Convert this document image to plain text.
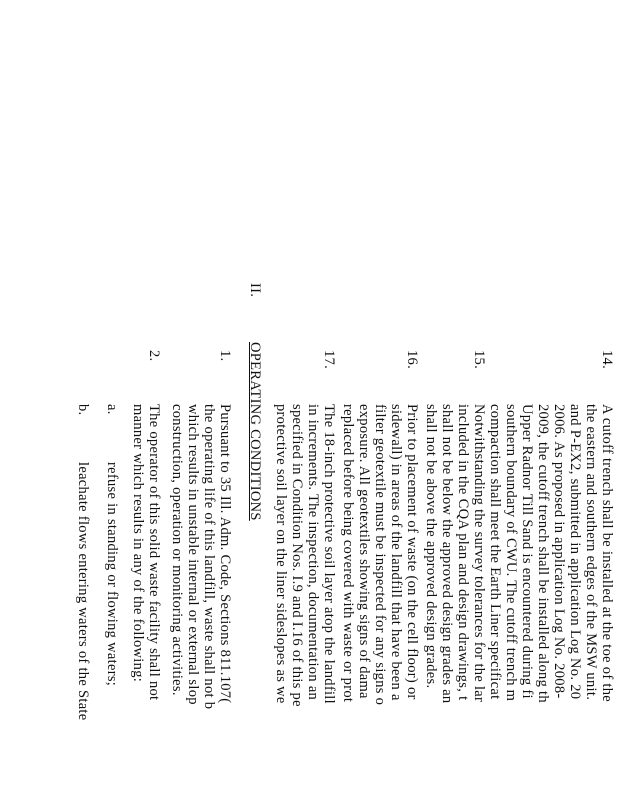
14.
A cutoff trench shall be installed at the toe of the
the eastern and southern edges of the MSW unit.
and P-EX2, submitted in application Log No. 20
2006. As proposed in application Log No. 2008-
2009, the cutoff trench shall be installed along th
Upper Radnor Till Sand is encountered during fi
southern boundary of CWU. The cutoff trench m
compaction shall meet the Earth Liner specificat
15.
Notwithstanding the survey tolerances for the lar
included in the CQA plan and design drawings, t
shall not be below the approved design grades an
shall not be above the approved design grades.
16.
Prior to placement of waste (on the cell floor) or
sidewall) in areas of the landfill that have been a
filter geotextile must be inspected for any signs o
exposure. All geotextiles showing signs of dama
replaced before being covered with waste or prot
17.
The 18-inch protective soil layer atop the landfill
in increments. The inspection, documentation an
specified in Condition Nos. I.9 and I.16 of this pe
protective soil layer on the liner sideslopes as we
II.
OPERATING CONDITIONS
1.
Pursuant to 35 Ill. Adm. Code, Sections 811.107(
the operating life of this landfill, waste shall not b
which results in unstable internal or external slop
construction, operation or monitoring activities.
2.
The operator of this solid waste facility shall not
manner which results in any of the following:
a.
refuse in standing or flowing waters;
b.
leachate flows entering waters of the State
